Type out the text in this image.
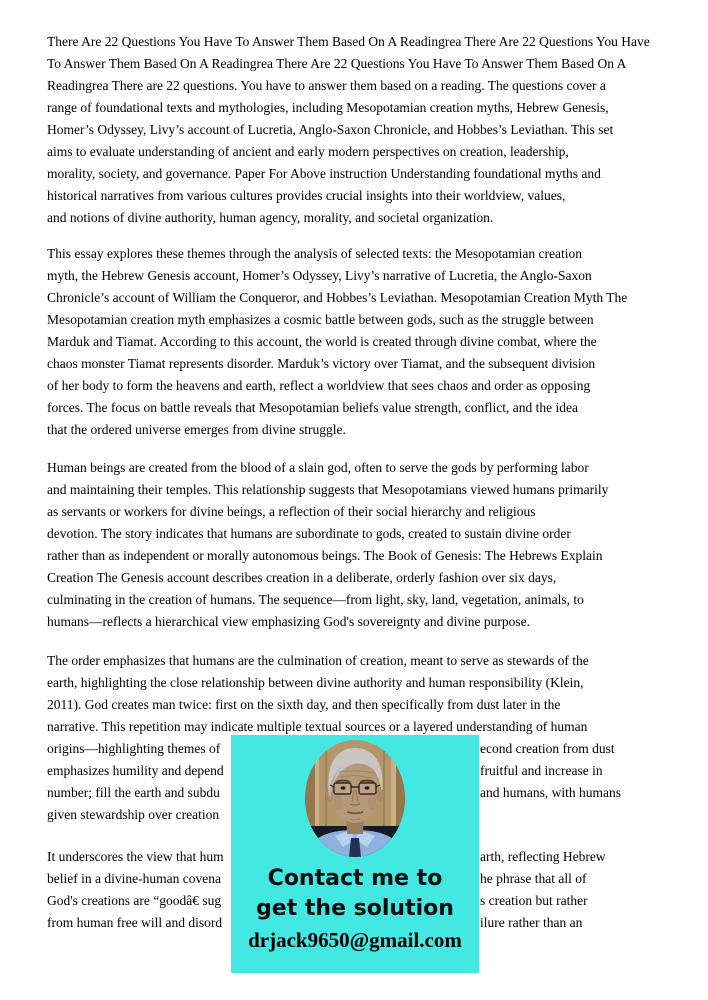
There Are 22 Questions You Have To Answer Them Based On A Readingrea There Are 22 Questions You Have
To Answer Them Based On A Readingrea There Are 22 Questions You Have To Answer Them Based On A
Readingrea There are 22 questions. You have to answer them based on a reading. The questions cover a
range of foundational texts and mythologies, including Mesopotamian creation myths, Hebrew Genesis,
Homer’s Odyssey, Livy’s account of Lucretia, Anglo-Saxon Chronicle, and Hobbes’s Leviathan. This set
aims to evaluate understanding of ancient and early modern perspectives on creation, leadership,
morality, society, and governance. Paper For Above instruction Understanding foundational myths and
historical narratives from various cultures provides crucial insights into their worldview, values,
and notions of divine authority, human agency, morality, and societal organization.
This essay explores these themes through the analysis of selected texts: the Mesopotamian creation
myth, the Hebrew Genesis account, Homer’s Odyssey, Livy’s narrative of Lucretia, the Anglo-Saxon
Chronicle’s account of William the Conqueror, and Hobbes’s Leviathan. Mesopotamian Creation Myth The
Mesopotamian creation myth emphasizes a cosmic battle between gods, such as the struggle between
Marduk and Tiamat. According to this account, the world is created through divine combat, where the
chaos monster Tiamat represents disorder. Marduk’s victory over Tiamat, and the subsequent division
of her body to form the heavens and earth, reflect a worldview that sees chaos and order as opposing
forces. The focus on battle reveals that Mesopotamian beliefs value strength, conflict, and the idea
that the ordered universe emerges from divine struggle.
Human beings are created from the blood of a slain god, often to serve the gods by performing labor
and maintaining their temples. This relationship suggests that Mesopotamians viewed humans primarily
as servants or workers for divine beings, a reflection of their social hierarchy and religious
devotion. The story indicates that humans are subordinate to gods, created to sustain divine order
rather than as independent or morally autonomous beings. The Book of Genesis: The Hebrews Explain
Creation The Genesis account describes creation in a deliberate, orderly fashion over six days,
culminating in the creation of humans. The sequence—from light, sky, land, vegetation, animals, to
humans—reflects a hierarchical view emphasizing God's sovereignty and divine purpose.
The order emphasizes that humans are the culmination of creation, meant to serve as stewards of the
earth, highlighting the close relationship between divine authority and human responsibility (Klein,
2011). God creates man twice: first on the sixth day, and then specifically from dust later in the
narrative. This repetition may indicate multiple textual sources or a layered understanding of human
origins—highlighting themes of	econd creation from dust
emphasizes humility and depend	fruitful and increase in
number; fill the earth and subdu	and humans, with humans
given stewardship over creation
It underscores the view that hum	arth, reflecting Hebrew
belief in a divine-human covena	he phrase that all of
God's creations are “goodâ€ sug	s creation but rather
from human free will and disord	ilure rather than an
Contact me to
get the solution
drjack9650@gmail.com
